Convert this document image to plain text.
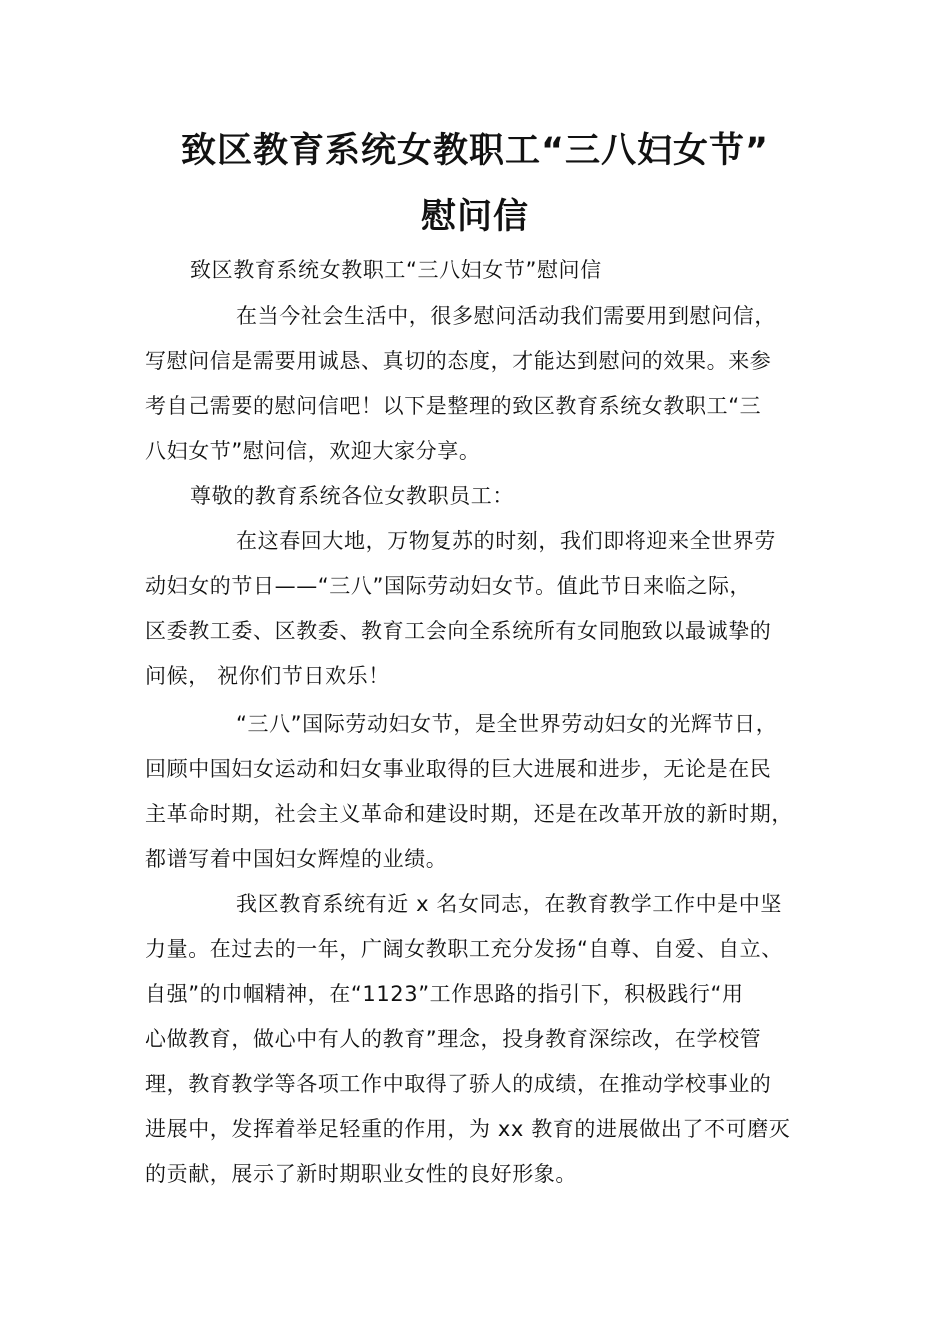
致区教育系统女教职工“三八妇女节”
慰问信
致区教育系统女教职工“三八妇女节”慰问信
在当今社会生活中，很多慰问活动我们需要用到慰问信，
写慰问信是需要用诚恳、真切的态度，才能达到慰问的效果。来参
考自己需要的慰问信吧！以下是整理的致区教育系统女教职工“三
八妇女节”慰问信，欢迎大家分享。
尊敬的教育系统各位女教职员工：
在这春回大地，万物复苏的时刻，我们即将迎来全世界劳
动妇女的节日——“三八”国际劳动妇女节。值此节日来临之际，
区委教工委、区教委、教育工会向全系统所有女同胞致以最诚挚的
问候， 祝你们节日欢乐！
“三八”国际劳动妇女节，是全世界劳动妇女的光辉节日，
回顾中国妇女运动和妇女事业取得的巨大进展和进步，无论是在民
主革命时期，社会主义革命和建设时期，还是在改革开放的新时期，
都谱写着中国妇女辉煌的业绩。
我区教育系统有近 x 名女同志，在教育教学工作中是中坚
力量。在过去的一年，广阔女教职工充分发扬“自尊、自爱、自立、
自强”的巾帼精神，在“1123”工作思路的指引下，积极践行“用
心做教育，做心中有人的教育”理念，投身教育深综改，在学校管
理，教育教学等各项工作中取得了骄人的成绩，在推动学校事业的
进展中，发挥着举足轻重的作用，为 xx 教育的进展做出了不可磨灭
的贡献，展示了新时期职业女性的良好形象。
